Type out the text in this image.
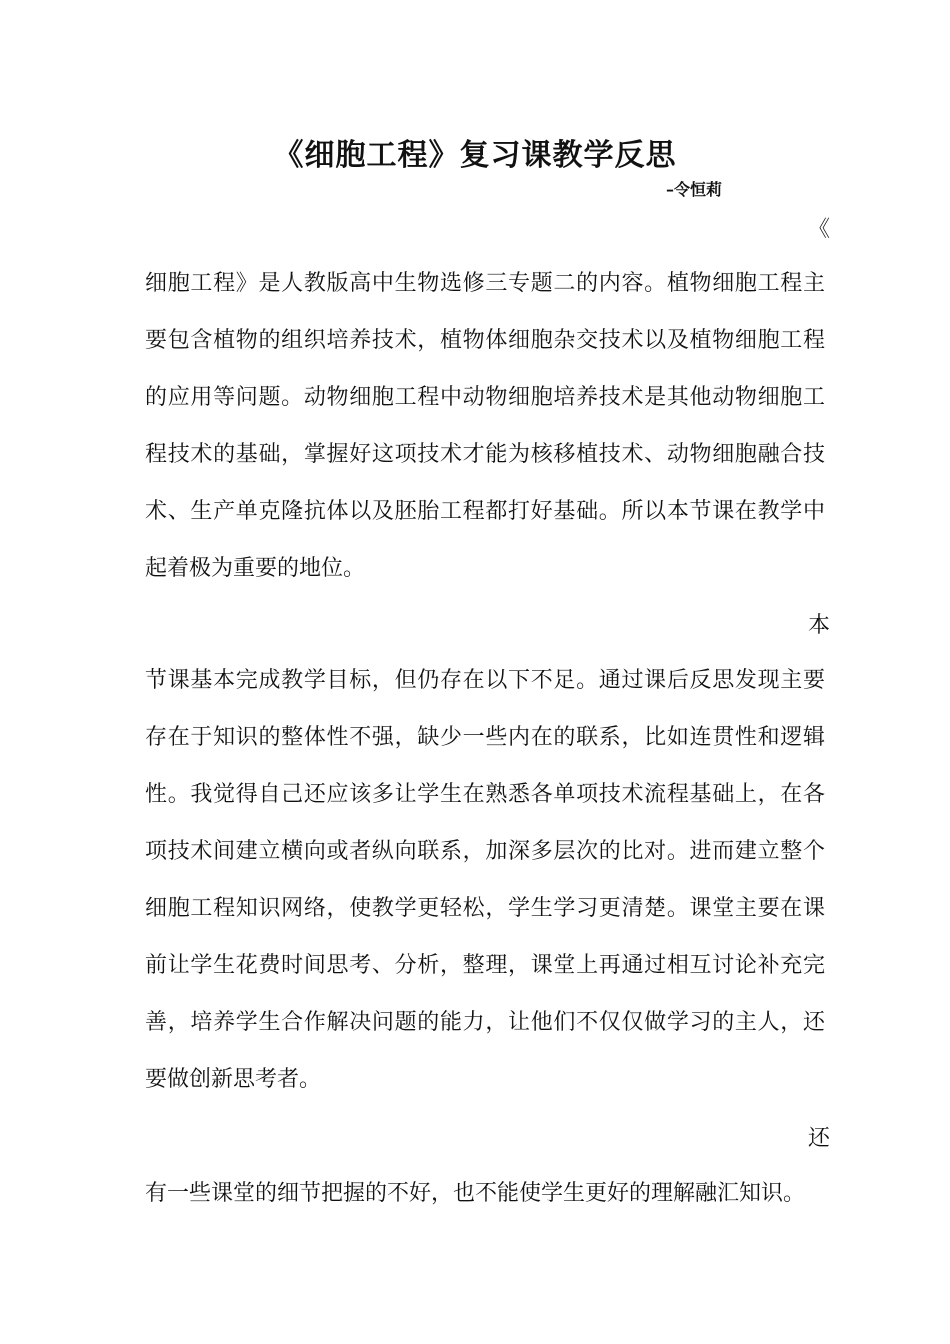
《细胞工程》复习课教学反思
–令恒莉
《
细胞工程》是人教版高中生物选修三专题二的内容。植物细胞工程主要包含植物的组织培养技术，植物体细胞杂交技术以及植物细胞工程的应用等问题。动物细胞工程中动物细胞培养技术是其他动物细胞工程技术的基础，掌握好这项技术才能为核移植技术、动物细胞融合技术、生产单克隆抗体以及胚胎工程都打好基础。所以本节课在教学中起着极为重要的地位。
本
节课基本完成教学目标，但仍存在以下不足。通过课后反思发现主要存在于知识的整体性不强，缺少一些内在的联系，比如连贯性和逻辑性。我觉得自己还应该多让学生在熟悉各单项技术流程基础上，在各项技术间建立横向或者纵向联系，加深多层次的比对。进而建立整个细胞工程知识网络，使教学更轻松，学生学习更清楚。课堂主要在课前让学生花费时间思考、分析，整理，课堂上再通过相互讨论补充完善，培养学生合作解决问题的能力，让他们不仅仅做学习的主人，还要做创新思考者。
还
有一些课堂的细节把握的不好，也不能使学生更好的理解融汇知识。
